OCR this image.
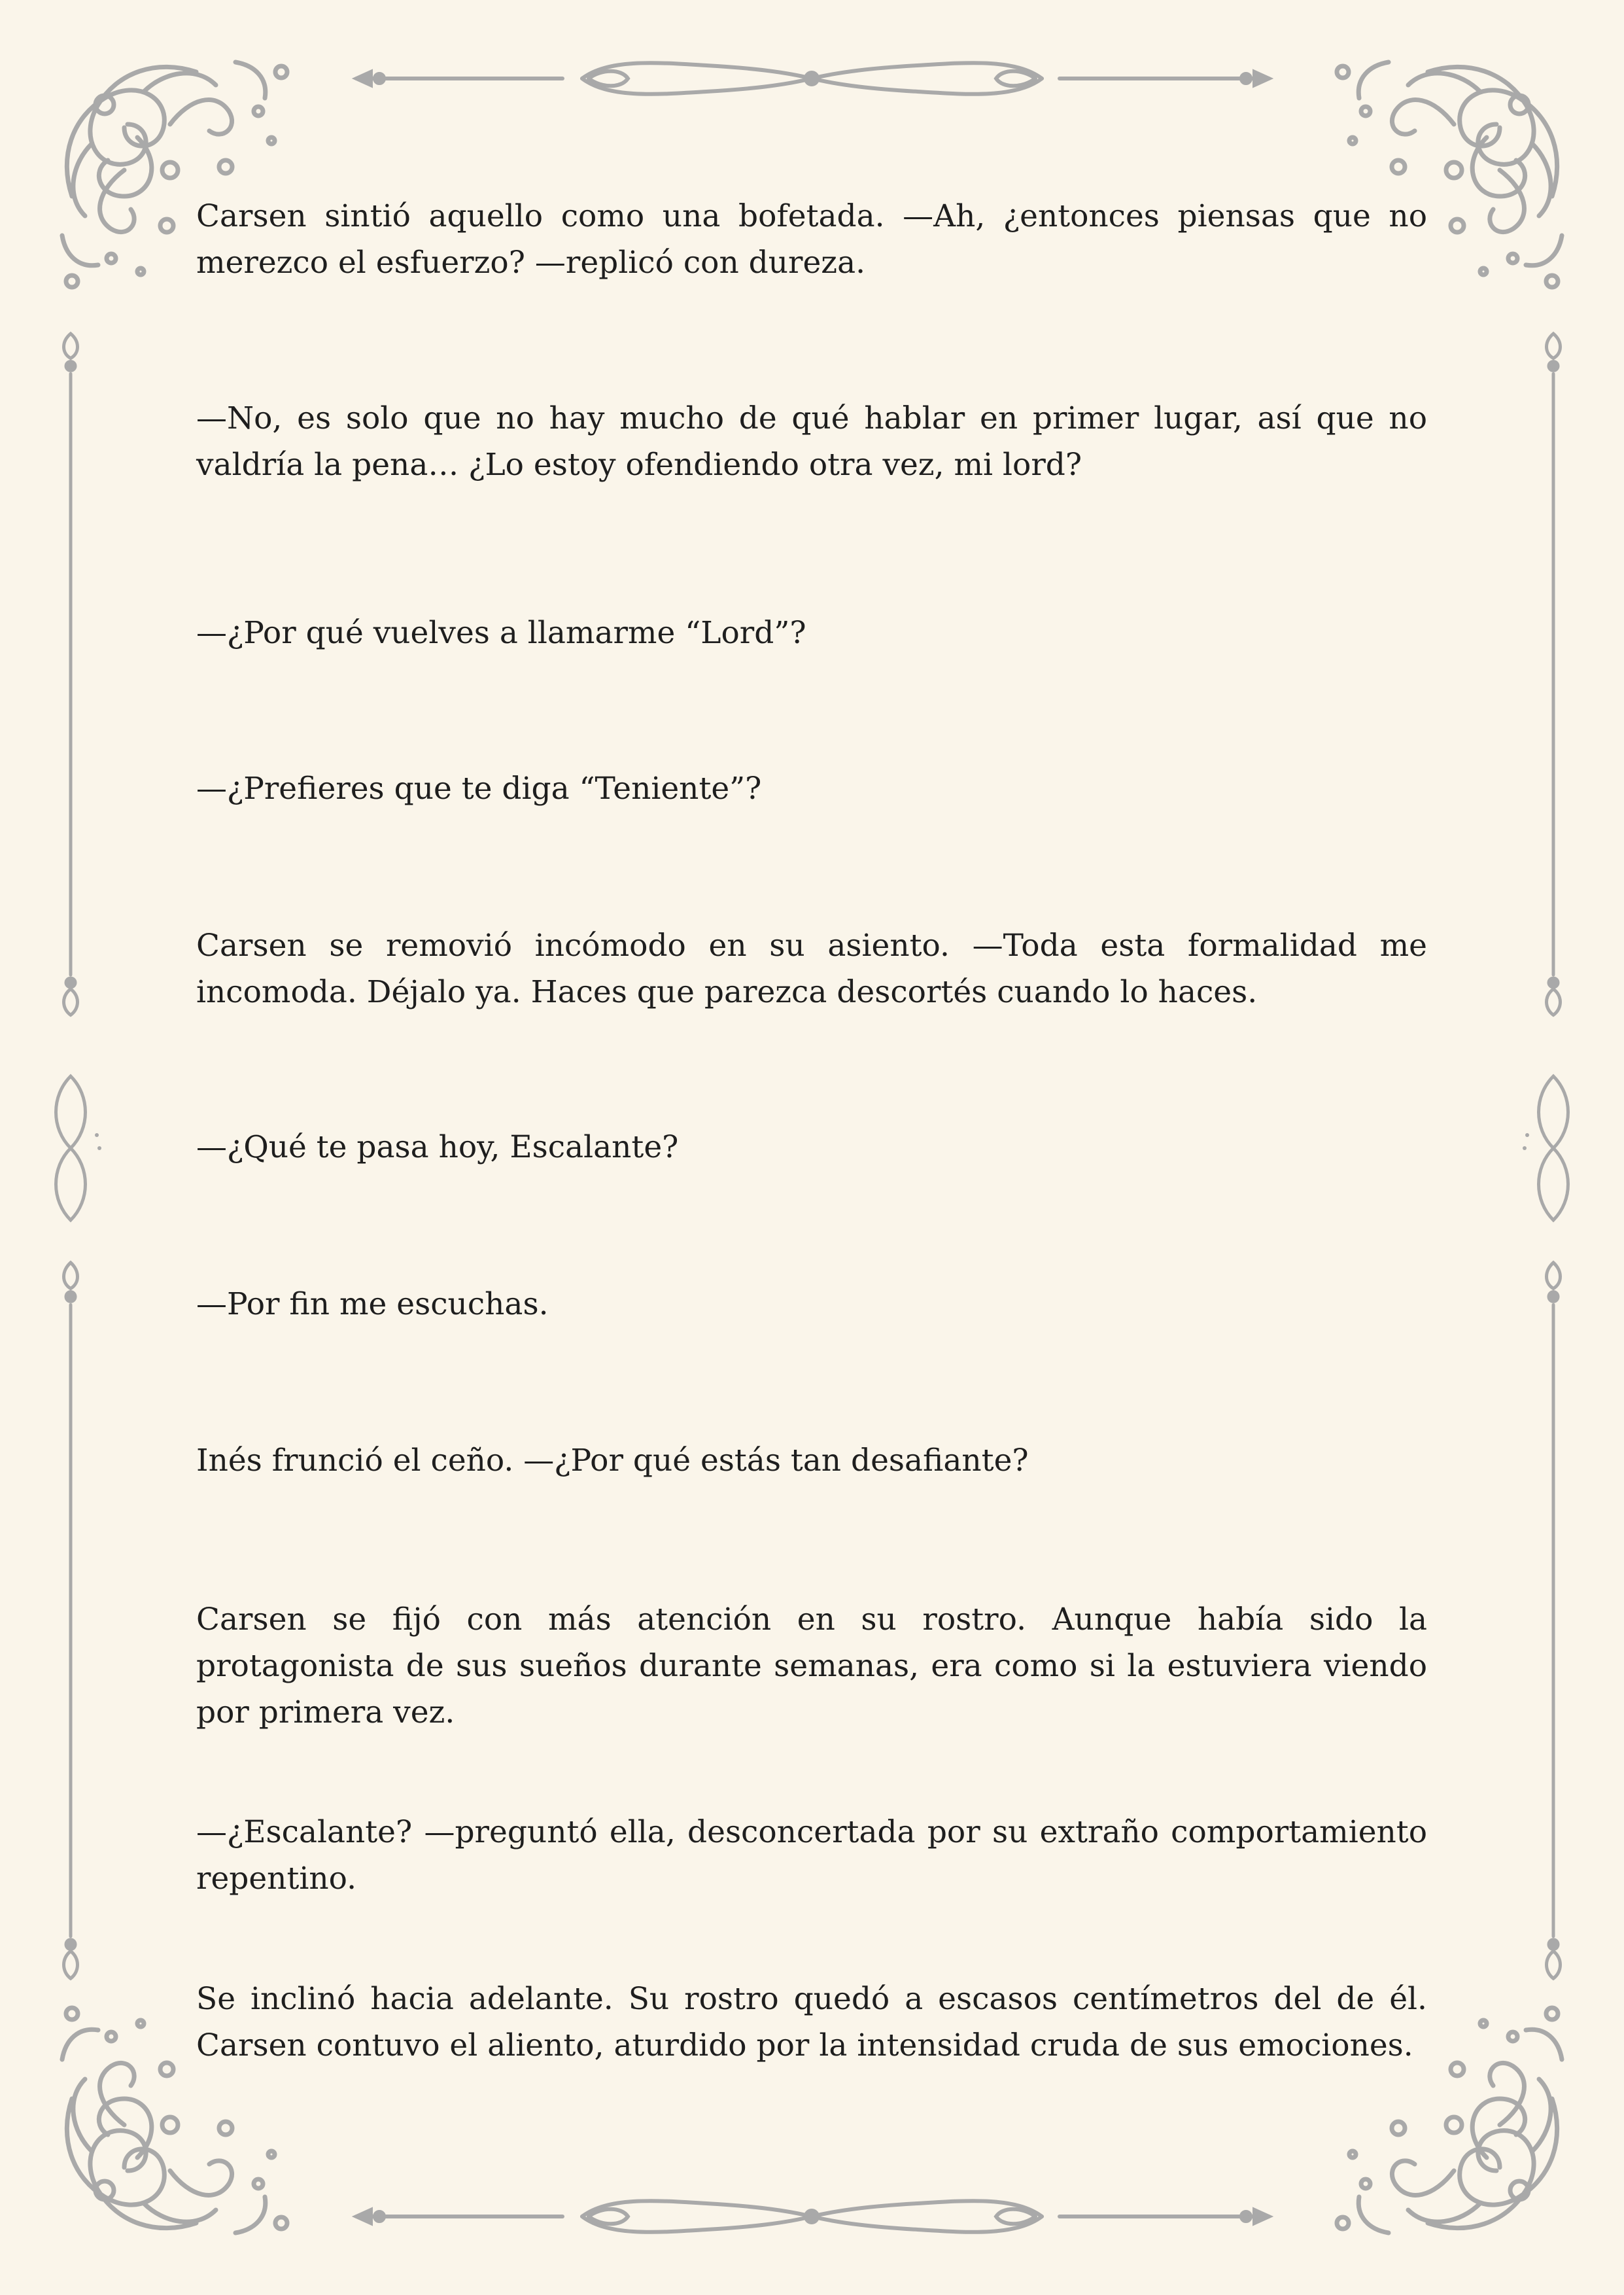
Carsen sintió aquello como una bofetada. —Ah, ¿entonces piensas que no merezco el esfuerzo? —replicó con dureza.

—No, es solo que no hay mucho de qué hablar en primer lugar, así que no valdría la pena… ¿Lo estoy ofendiendo otra vez, mi lord?

—¿Por qué vuelves a llamarme “Lord”?

—¿Prefieres que te diga “Teniente”?

Carsen se removió incómodo en su asiento. —Toda esta formalidad me incomoda. Déjalo ya. Haces que parezca descortés cuando lo haces.

—¿Qué te pasa hoy, Escalante?

—Por fin me escuchas.

Inés frunció el ceño. —¿Por qué estás tan desafiante?

Carsen se fijó con más atención en su rostro. Aunque había sido la protagonista de sus sueños durante semanas, era como si la estuviera viendo por primera vez.

—¿Escalante? —preguntó ella, desconcertada por su extraño comportamiento repentino.

Se inclinó hacia adelante. Su rostro quedó a escasos centímetros del de él. Carsen contuvo el aliento, aturdido por la intensidad cruda de sus emociones.
